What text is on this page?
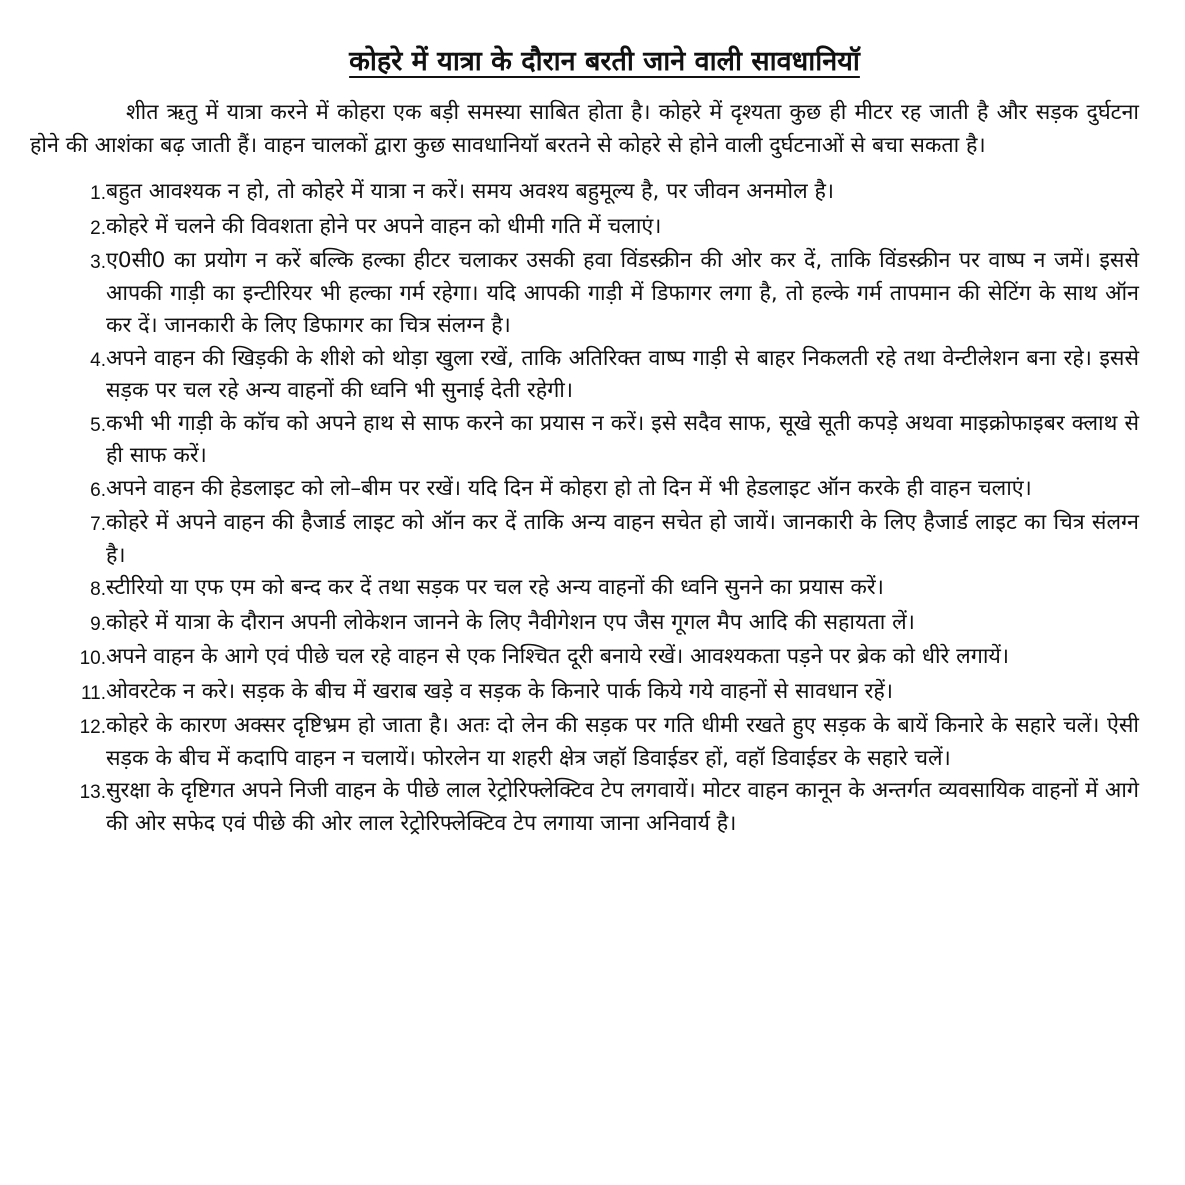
कोहरे में यात्रा के दौरान बरती जाने वाली सावधानियॉ

शीत ऋतु में यात्रा करने में कोहरा एक बड़ी समस्या साबित होता है। कोहरे में दृश्यता कुछ ही मीटर रह जाती है और सड़क दुर्घटना होने की आशंका बढ़ जाती हैं। वाहन चालकों द्वारा कुछ सावधानियॉ बरतने से कोहरे से होने वाली दुर्घटनाओं से बचा सकता है।

1. बहुत आवश्यक न हो, तो कोहरे में यात्रा न करें। समय अवश्य बहुमूल्य है, पर जीवन अनमोल है।
2. कोहरे में चलने की विवशता होने पर अपने वाहन को धीमी गति में चलाएं।
3. ए0सी0 का प्रयोग न करें बल्कि हल्का हीटर चलाकर उसकी हवा विंडस्क्रीन की ओर कर दें, ताकि विंडस्क्रीन पर वाष्प न जमें। इससे आपकी गाड़ी का इन्टीरियर भी हल्का गर्म रहेगा। यदि आपकी गाड़ी में डिफागर लगा है, तो हल्के गर्म तापमान की सेटिंग के साथ ऑन कर दें। जानकारी के लिए डिफागर का चित्र संलग्न है।
4. अपने वाहन की खिड़की के शीशे को थोड़ा खुला रखें, ताकि अतिरिक्त वाष्प गाड़ी से बाहर निकलती रहे तथा वेन्टीलेशन बना रहे। इससे सड़क पर चल रहे अन्य वाहनों की ध्वनि भी सुनाई देती रहेगी।
5. कभी भी गाड़ी के कॉच को अपने हाथ से साफ करने का प्रयास न करें। इसे सदैव साफ, सूखे सूती कपड़े अथवा माइक्रोफाइबर क्लाथ से ही साफ करें।
6. अपने वाहन की हेडलाइट को लो–बीम पर रखें। यदि दिन में कोहरा हो तो दिन में भी हेडलाइट ऑन करके ही वाहन चलाएं।
7. कोहरे में अपने वाहन की हैजार्ड लाइट को ऑन कर दें ताकि अन्य वाहन सचेत हो जायें। जानकारी के लिए हैजार्ड लाइट का चित्र संलग्न है।
8. स्टीरियो या एफ एम को बन्द कर दें तथा सड़क पर चल रहे अन्य वाहनों की ध्वनि सुनने का प्रयास करें।
9. कोहरे में यात्रा के दौरान अपनी लोकेशन जानने के लिए नैवीगेशन एप जैस गूगल मैप आदि की सहायता लें।
10. अपने वाहन के आगे एवं पीछे चल रहे वाहन से एक निश्चित दूरी बनाये रखें। आवश्यकता पड़ने पर ब्रेक को धीरे लगायें।
11. ओवरटेक न करे। सड़क के बीच में खराब खड़े व सड़क के किनारे पार्क किये गये वाहनों से सावधान रहें।
12. कोहरे के कारण अक्सर दृष्टिभ्रम हो जाता है। अतः दो लेन की सड़क पर गति धीमी रखते हुए सड़क के बायें किनारे के सहारे चलें। ऐसी सड़क के बीच में कदापि वाहन न चलायें। फोरलेन या शहरी क्षेत्र जहॉ डिवाईडर हों, वहॉ डिवाईडर के सहारे चलें।
13. सुरक्षा के दृष्टिगत अपने निजी वाहन के पीछे लाल रेट्रोरिफ्लेक्टिव टेप लगवायें। मोटर वाहन कानून के अन्तर्गत व्यवसायिक वाहनों में आगे की ओर सफेद एवं पीछे की ओर लाल रेट्रोरिफ्लेक्टिव टेप लगाया जाना अनिवार्य है।
